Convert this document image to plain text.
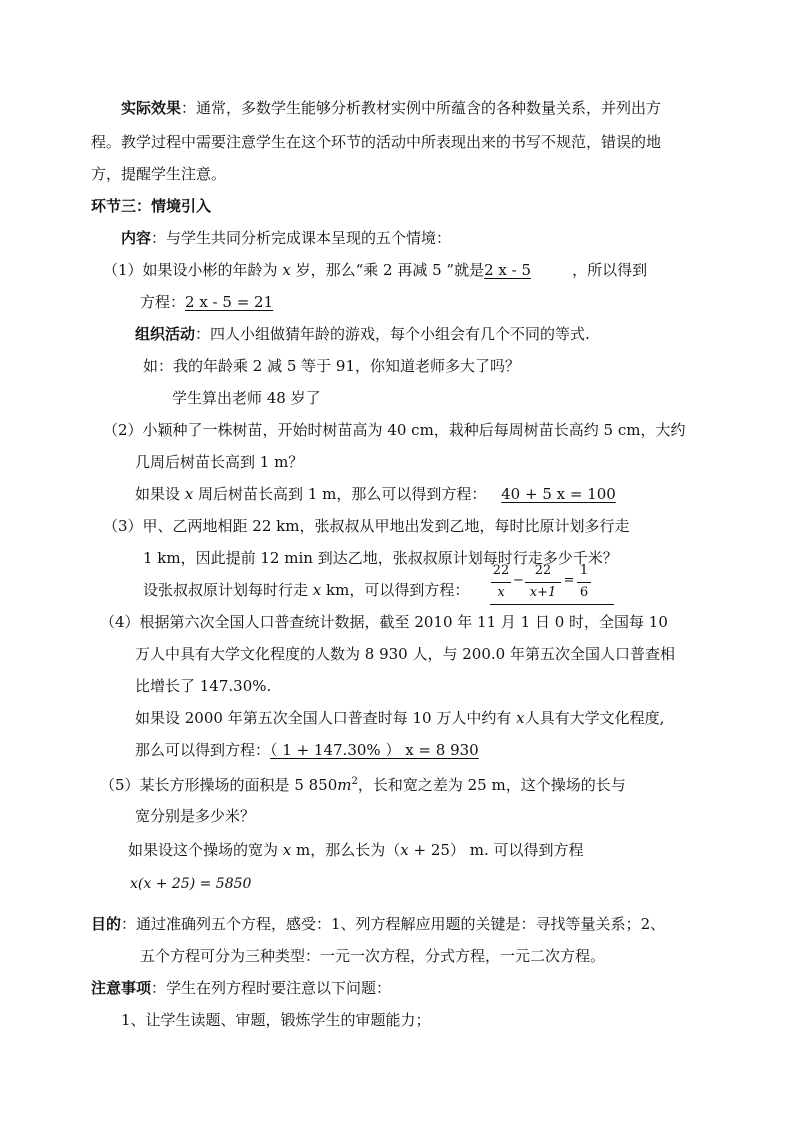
实际效果：通常，多数学生能够分析教材实例中所蕴含的各种数量关系，并列出方
程。教学过程中需要注意学生在这个环节的活动中所表现出来的书写不规范，错误的地
方，提醒学生注意。
环节三：情境引入
内容：与学生共同分析完成课本呈现的五个情境：
（1）如果设小彬的年龄为 x 岁，那么“乘 2 再减 5 ”就是2 x - 5	，所以得到
方程：2 x - 5 = 21
组织活动：四人小组做猜年龄的游戏，每个小组会有几个不同的等式.
如：我的年龄乘 2 减 5 等于 91，你知道老师多大了吗？
学生算出老师 48 岁了
（2）小颖种了一株树苗，开始时树苗高为 40 cm，栽种后每周树苗长高约 5 cm，大约
几周后树苗长高到 1 m？
如果设 x 周后树苗长高到 1 m，那么可以得到方程： 40 + 5 x = 100
（3）甲、乙两地相距 22 km，张叔叔从甲地出发到乙地，每时比原计划多行走
1 km，因此提前 12 min 到达乙地，张叔叔原计划每时行走多少千米？
设张叔叔原计划每时行走 x km，可以得到方程：
22
x
−
22
x+1
=
1
6
（4）根据第六次全国人口普查统计数据，截至 2010 年 11 月 1 日 0 时，全国每 10
万人中具有大学文化程度的人数为 8 930 人，与 200.0 年第五次全国人口普查相
比增长了 147.30%.
如果设 2000 年第五次全国人口普查时每 10 万人中约有 x人具有大学文化程度,
那么可以得到方程：（ 1 + 147.30% ） x = 8 930
（5）某长方形操场的面积是 5 $850m^2$，长和宽之差为 25 m，这个操场的长与
宽分别是多少米？
如果设这个操场的宽为 x m，那么长为（x + 25） m. 可以得到方程
x(x + 25) = 5850
目的：通过准确列五个方程，感受：1、列方程解应用题的关键是：寻找等量关系；2、
五个方程可分为三种类型：一元一次方程，分式方程，一元二次方程。
注意事项：学生在列方程时要注意以下问题：
1、让学生读题、审题，锻炼学生的审题能力；
